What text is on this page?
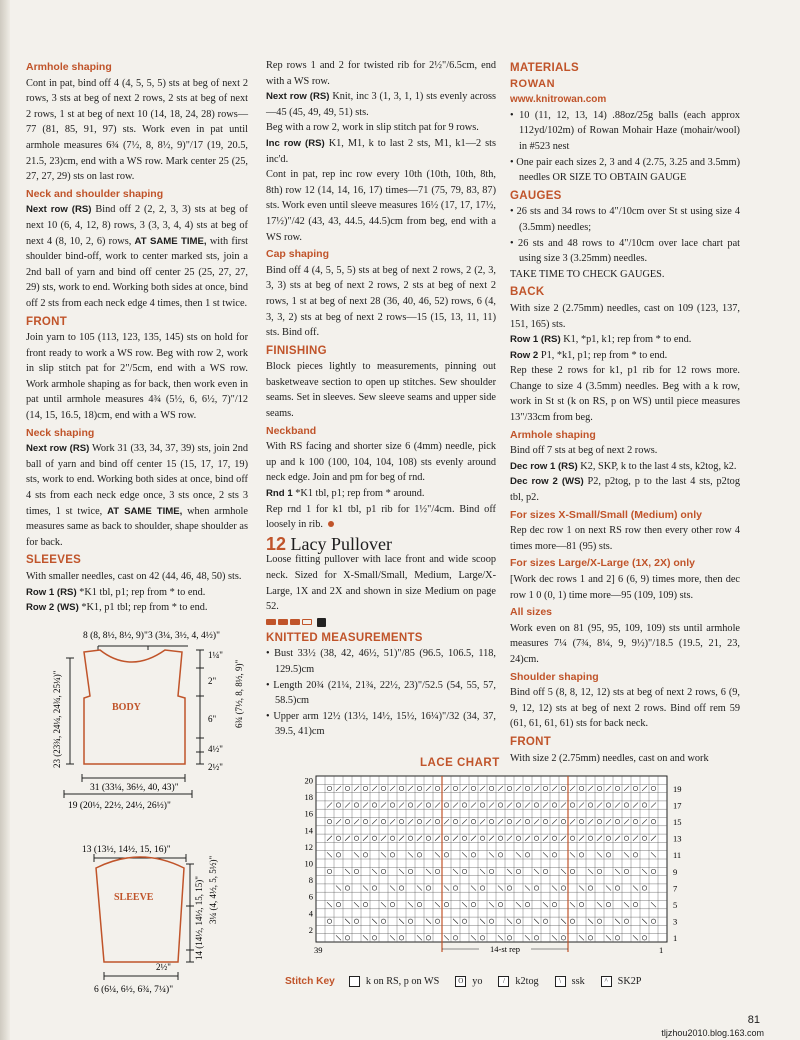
Armhole shaping

Cont in pat, bind off 4 (4, 5, 5, 5) sts at beg of next 2 rows, 3 sts at beg of next 2 rows, 2 sts at beg of next 2 rows, 1 st at beg of next 10 (14, 18, 24, 28) rows—77 (81, 85, 91, 97) sts. Work even in pat until armhole measures 6¾ (7½, 8, 8½, 9)"/17 (19, 20.5, 21.5, 23)cm, end with a WS row. Mark center 25 (25, 27, 27, 29) sts on last row.

Neck and shoulder shaping

Next row (RS) Bind off 2 (2, 2, 3, 3) sts at beg of next 10 (6, 4, 12, 8) rows, 3 (3, 3, 4, 4) sts at beg of next 4 (8, 10, 2, 6) rows, AT SAME TIME, with first shoulder bind-off, work to center marked sts, join a 2nd ball of yarn and bind off center 25 (25, 27, 27, 29) sts, work to end. Working both sides at once, bind off 2 sts from each neck edge 4 times, then 1 st twice.

FRONT

Join yarn to 105 (113, 123, 135, 145) sts on hold for front ready to work a WS row. Beg with row 2, work in slip stitch pat for 2"/5cm, end with a WS row. Work armhole shaping as for back, then work even in pat until armhole measures 4¾ (5½, 6, 6½, 7)"/12 (14, 15, 16.5, 18)cm, end with a WS row.

Neck shaping

Next row (RS) Work 31 (33, 34, 37, 39) sts, join 2nd ball of yarn and bind off center 15 (15, 17, 17, 19) sts, work to end. Working both sides at once, bind off 4 sts from each neck edge once, 3 sts once, 2 sts 3 times, 1 st twice, AT SAME TIME, when armhole measures same as back to shoulder, shape shoulder as for back.

SLEEVES

With smaller needles, cast on 42 (44, 46, 48, 50) sts.

Row 1 (RS) *K1 tbl, p1; rep from * to end.

Row 2 (WS) *K1, p1 tbl; rep from * to end.

8 (8, 8½, 8½, 9)" 3 (3¼, 3½, 4, 4½)"
BODY
23 (23¾, 24¼, 24¾, 25¼)"
1¼"
2"
6"
4½"
2½"
6¾ (7½, 8, 8½, 9)"
31 (33¼, 36½, 40, 43)"
19 (20½, 22½, 24½, 26½)"
13 (13½, 14½, 15, 16)"
SLEEVE	3¼ (4, 4½, 5, 5½)"
14 (14½, 14½, 15, 15)"
2½"
6 (6¼, 6½, 6¾, 7¼)"

Rep rows 1 and 2 for twisted rib for 2½"/6.5cm, end with a WS row.

Next row (RS) Knit, inc 3 (1, 3, 1, 1) sts evenly across—45 (45, 49, 49, 51) sts.

Beg with a row 2, work in slip stitch pat for 9 rows.

Inc row (RS) K1, M1, k to last 2 sts, M1, k1—2 sts inc'd.

Cont in pat, rep inc row every 10th (10th, 10th, 8th, 8th) row 12 (14, 14, 16, 17) times—71 (75, 79, 83, 87) sts. Work even until sleeve measures 16½ (17, 17, 17½, 17½)"/42 (43, 43, 44.5, 44.5)cm from beg, end with a WS row.

Cap shaping

Bind off 4 (4, 5, 5, 5) sts at beg of next 2 rows, 2 (2, 3, 3, 3) sts at beg of next 2 rows, 2 sts at beg of next 2 rows, 1 st at beg of next 28 (36, 40, 46, 52) rows, 6 (4, 3, 3, 2) sts at beg of next 2 rows—15 (15, 13, 11, 11) sts. Bind off.

FINISHING

Block pieces lightly to measurements, pinning out basketweave section to open up stitches. Sew shoulder seams. Set in sleeves. Sew sleeve seams and upper side seams.

Neckband

With RS facing and shorter size 6 (4mm) needle, pick up and k 100 (100, 104, 104, 108) sts evenly around neck edge. Join and pm for beg of rnd.

Rnd 1 *K1 tbl, p1; rep from * around.

Rep rnd 1 for k1 tbl, p1 rib for 1½"/4cm. Bind off loosely in rib.

12 Lacy Pullover

Loose fitting pullover with lace front and wide scoop neck. Sized for X-Small/Small, Medium, Large/X-Large, 1X and 2X and shown in size Medium on page 52.

KNITTED MEASUREMENTS

• Bust 33½ (38, 42, 46½, 51)"/85 (96.5, 106.5, 118, 129.5)cm

• Length 20¾ (21¼, 21¾, 22½, 23)"/52.5 (54, 55, 57, 58.5)cm

• Upper arm 12½ (13½, 14½, 15½, 16¼)"/32 (34, 37, 39.5, 41)cm

MATERIALS
ROWAN
www.knitrowan.com

• 10 (11, 12, 13, 14) .88oz/25g balls (each approx 112yd/102m) of Rowan Mohair Haze (mohair/wool) in #523 nest

• One pair each sizes 2, 3 and 4 (2.75, 3.25 and 3.5mm) needles OR SIZE TO OBTAIN GAUGE

GAUGES

• 26 sts and 34 rows to 4"/10cm over St st using size 4 (3.5mm) needles;

• 26 sts and 48 rows to 4"/10cm over lace chart pat using size 3 (3.25mm) needles.

TAKE TIME TO CHECK GAUGES.

BACK

With size 2 (2.75mm) needles, cast on 109 (123, 137, 151, 165) sts.

Row 1 (RS) K1, *p1, k1; rep from * to end.

Row 2 P1, *k1, p1; rep from * to end.

Rep these 2 rows for k1, p1 rib for 12 rows more. Change to size 4 (3.5mm) needles. Beg with a k row, work in St st (k on RS, p on WS) until piece measures 13"/33cm from beg.

Armhole shaping

Bind off 7 sts at beg of next 2 rows.

Dec row 1 (RS) K2, SKP, k to the last 4 sts, k2tog, k2.

Dec row 2 (WS) P2, p2tog, p to the last 4 sts, p2tog tbl, p2.

For sizes X-Small/Small (Medium) only

Rep dec row 1 on next RS row then every other row 4 times more—81 (95) sts.

For sizes Large/X-Large (1X, 2X) only

[Work dec rows 1 and 2] 6 (6, 9) times more, then dec row 1 0 (0, 1) time more—95 (109, 109) sts.

All sizes

Work even on 81 (95, 95, 109, 109) sts until armhole measures 7¼ (7¾, 8¼, 9, 9½)"/18.5 (19.5, 21, 23, 24)cm.

Shoulder shaping

Bind off 5 (8, 8, 12, 12) sts at beg of next 2 rows, 6 (9, 9, 12, 12) sts at beg of next 2 rows. Bind off rem 59 (61, 61, 61, 61) sts for back neck.

FRONT

With size 2 (2.75mm) needles, cast on and work

LACE CHART
20
18
16
14
12
10
8
6
4
2
19
17
15
13
11
9
7
5
3
1
39	1
14-st rep
Stitch Key	k on RS, p on WS	O yo	/	k2tog	\	ssk	^ SK2P
81
tljzhou2010.blog.163.com
